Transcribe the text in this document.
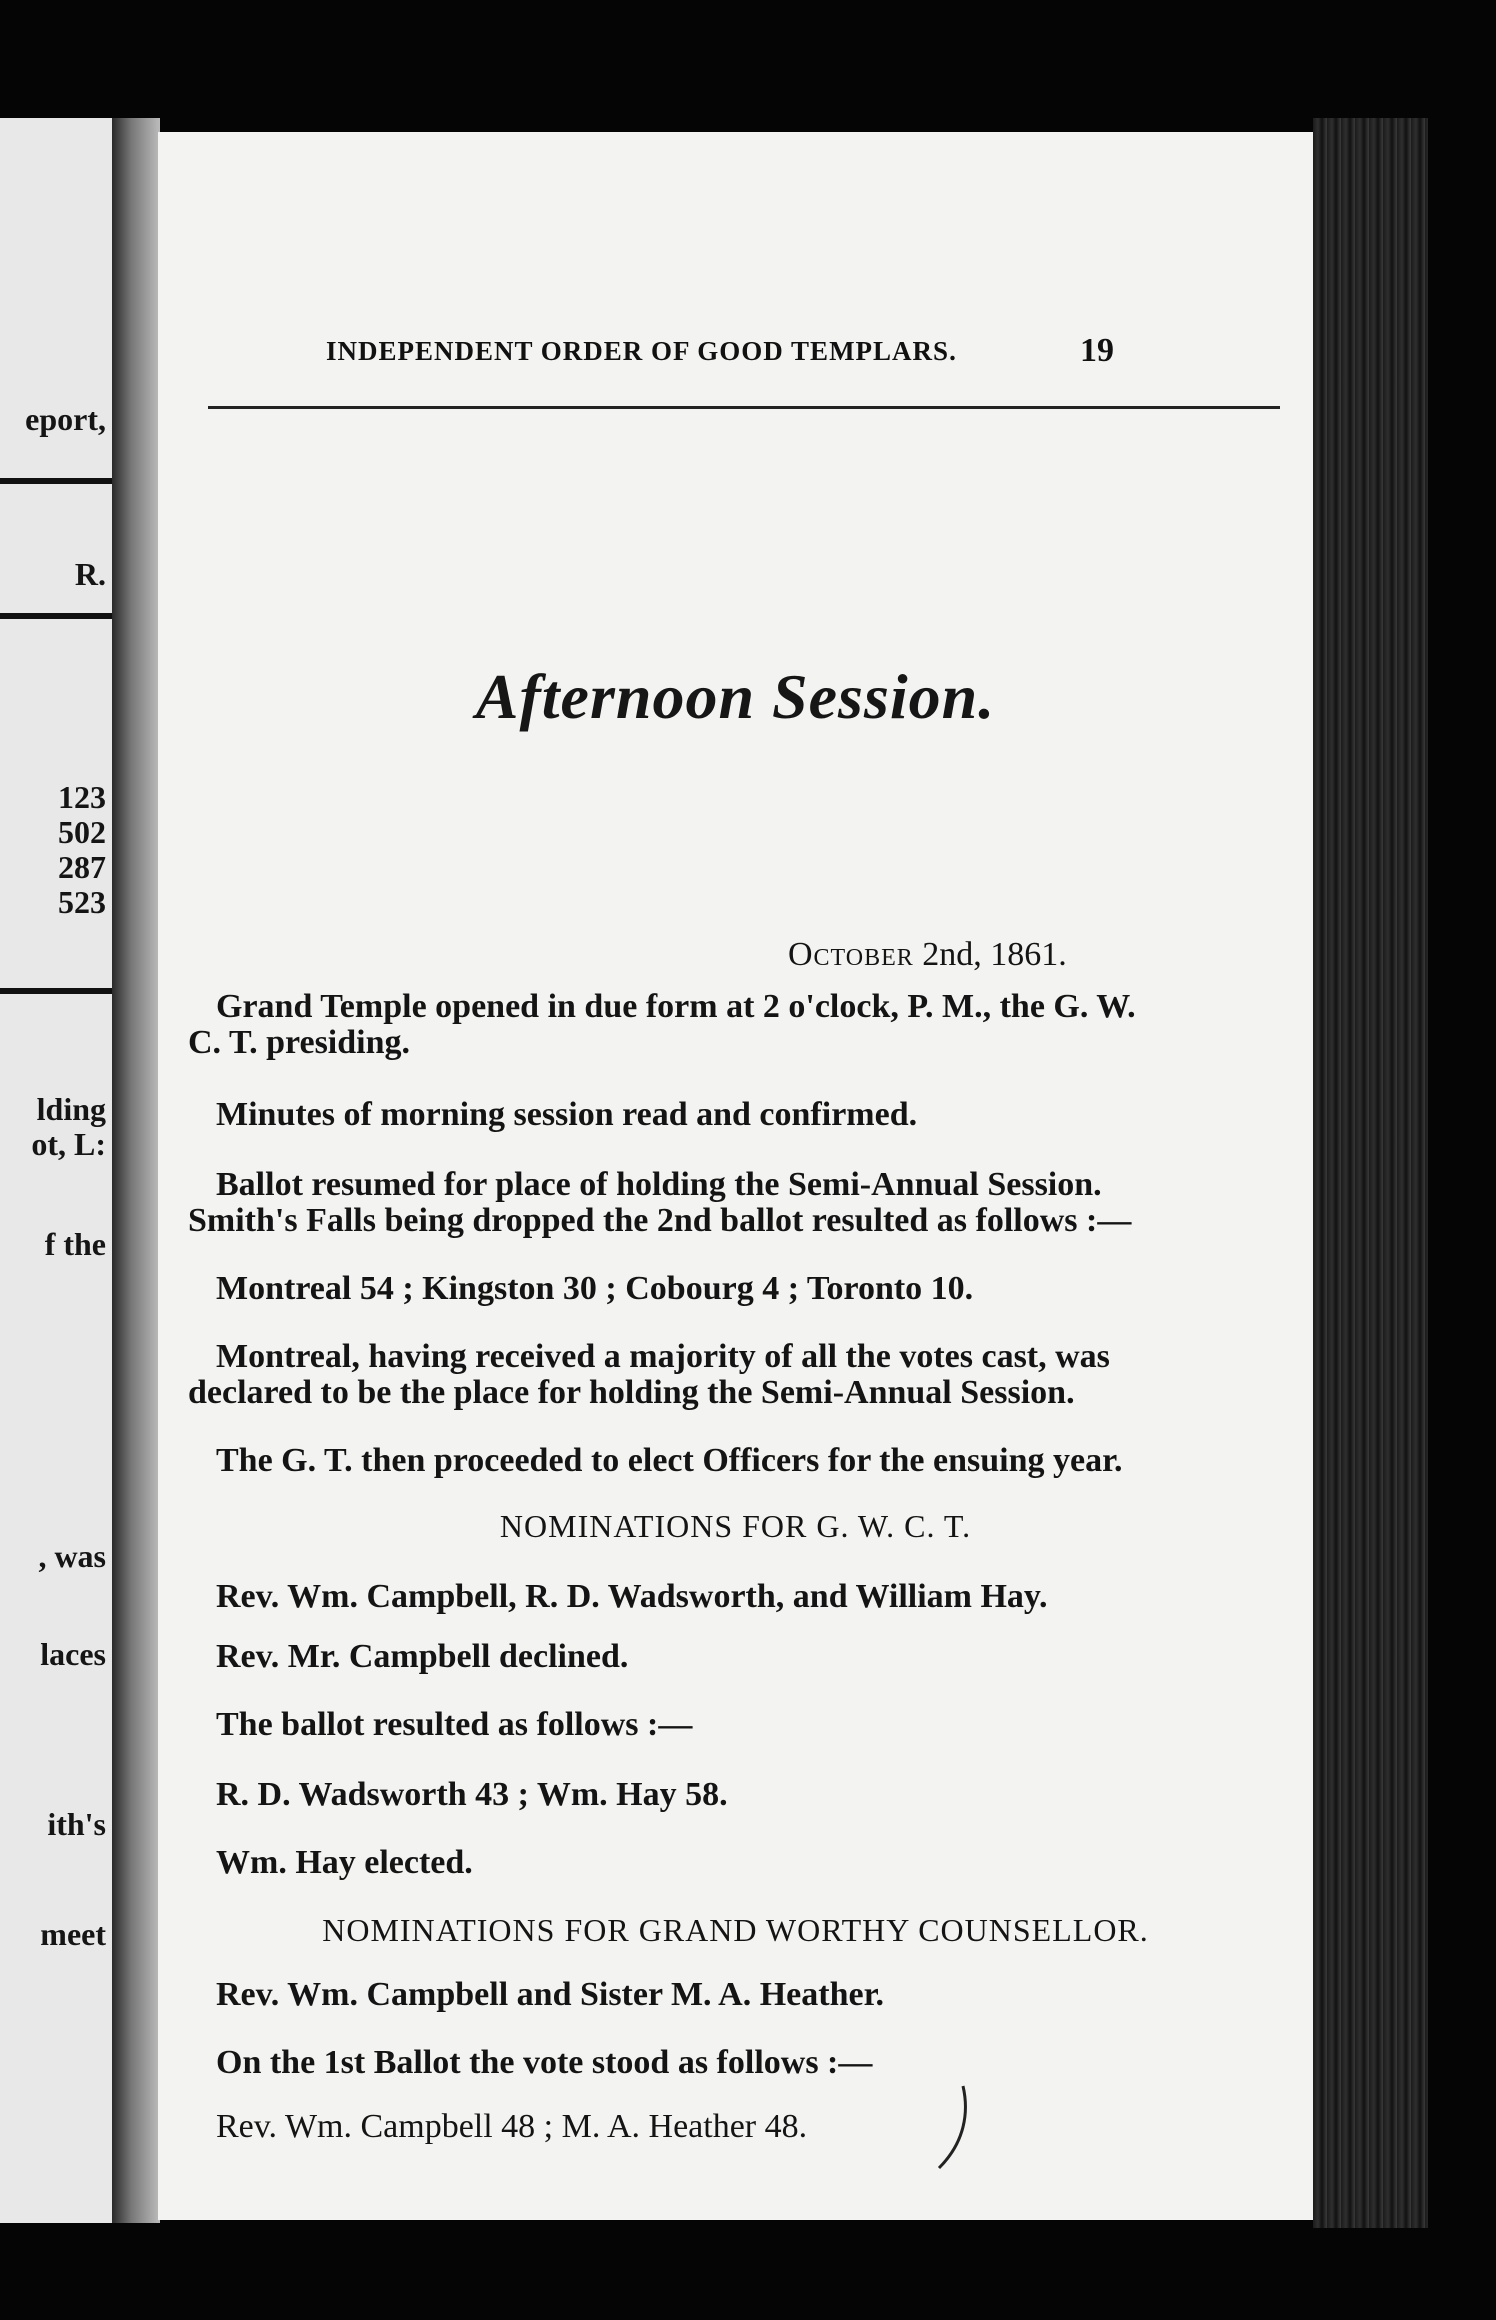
eport,
R.
123
502
287
523
lding
ot, L:
f the
, was
laces
ith's
meet
INDEPENDENT ORDER OF GOOD TEMPLARS.	19
Afternoon Session.
October 2nd, 1861.
Grand Temple opened in due form at 2 o'clock, P. M., the G. W.
C. T. presiding.
Minutes of morning session read and confirmed.
Ballot resumed for place of holding the Semi-Annual Session.
Smith's Falls being dropped the 2nd ballot resulted as follows :—
Montreal 54 ; Kingston 30 ; Cobourg 4 ; Toronto 10.
Montreal, having received a majority of all the votes cast, was
declared to be the place for holding the Semi-Annual Session.
The G. T. then proceeded to elect Officers for the ensuing year.
NOMINATIONS FOR G. W. C. T.
Rev. Wm. Campbell, R. D. Wadsworth, and William Hay.
Rev. Mr. Campbell declined.
The ballot resulted as follows :—
R. D. Wadsworth 43 ; Wm. Hay 58.
Wm. Hay elected.
NOMINATIONS FOR GRAND WORTHY COUNSELLOR.
Rev. Wm. Campbell and Sister M. A. Heather.
On the 1st Ballot the vote stood as follows :—
Rev. Wm. Campbell 48 ; M. A. Heather 48.
